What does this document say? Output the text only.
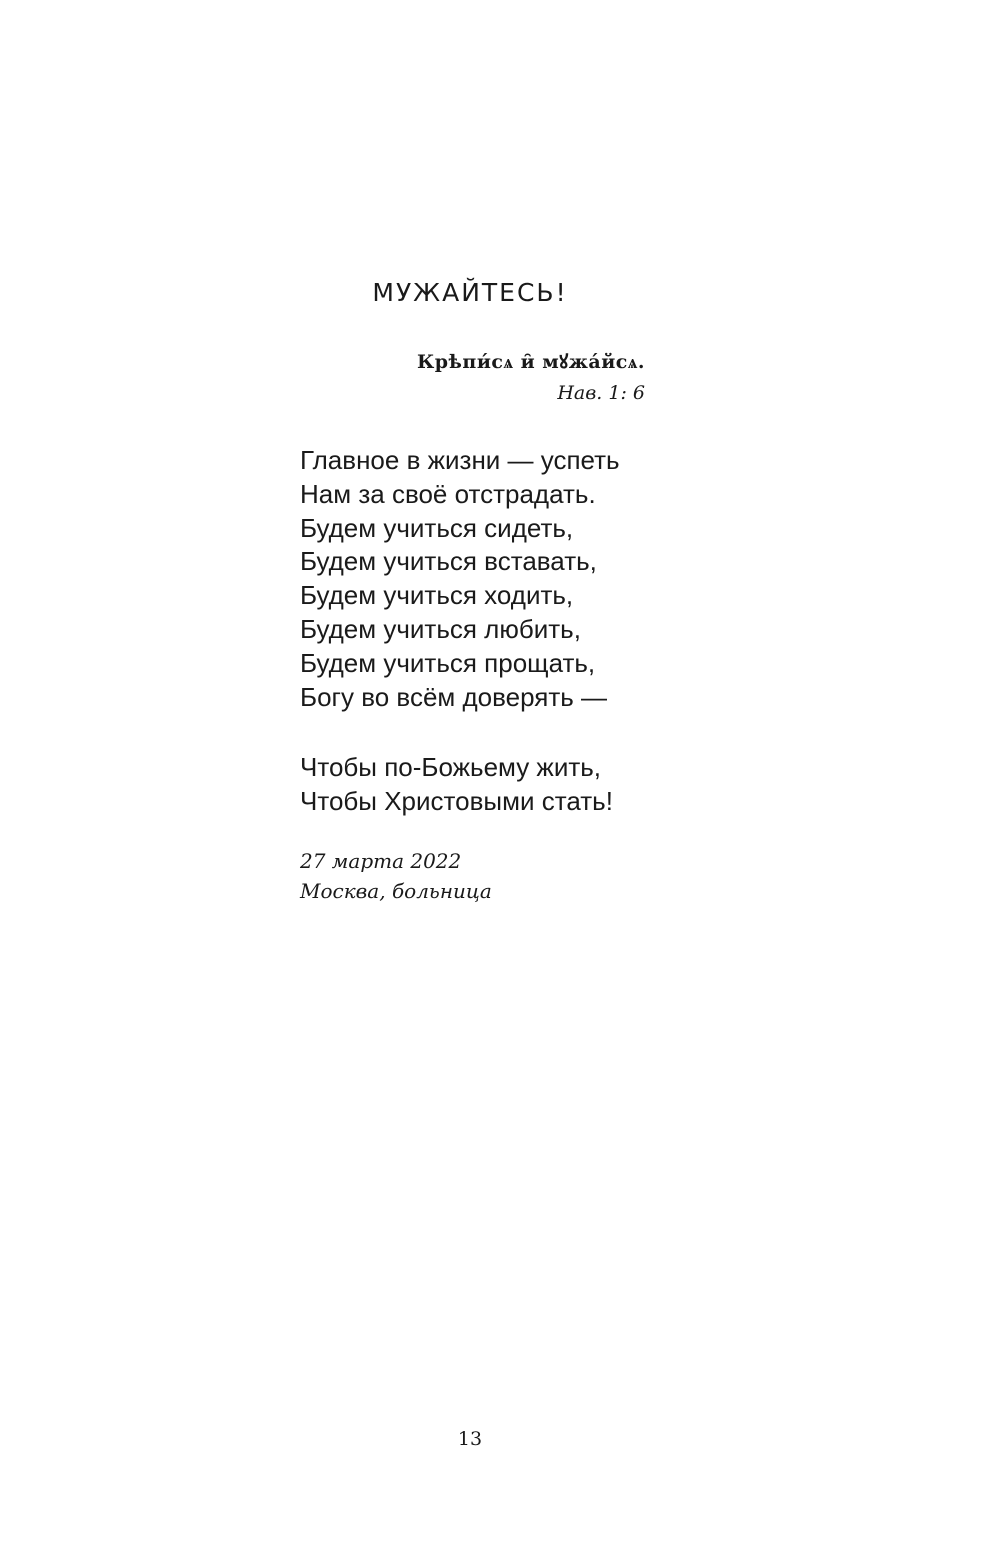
МУЖАЙТЕСЬ!
Крѣпи́сѧ и̑ мꙋжа́йсѧ.
Нав. 1: 6
Главное в жизни — успеть
Нам за своё отстрадать.
Будем учиться сидеть,
Будем учиться вставать,
Будем учиться ходить,
Будем учиться любить,
Будем учиться прощать,
Богу во всём доверять —
Чтобы по-Божьему жить,
Чтобы Христовыми стать!
27 марта 2022
Москва, больница
13
